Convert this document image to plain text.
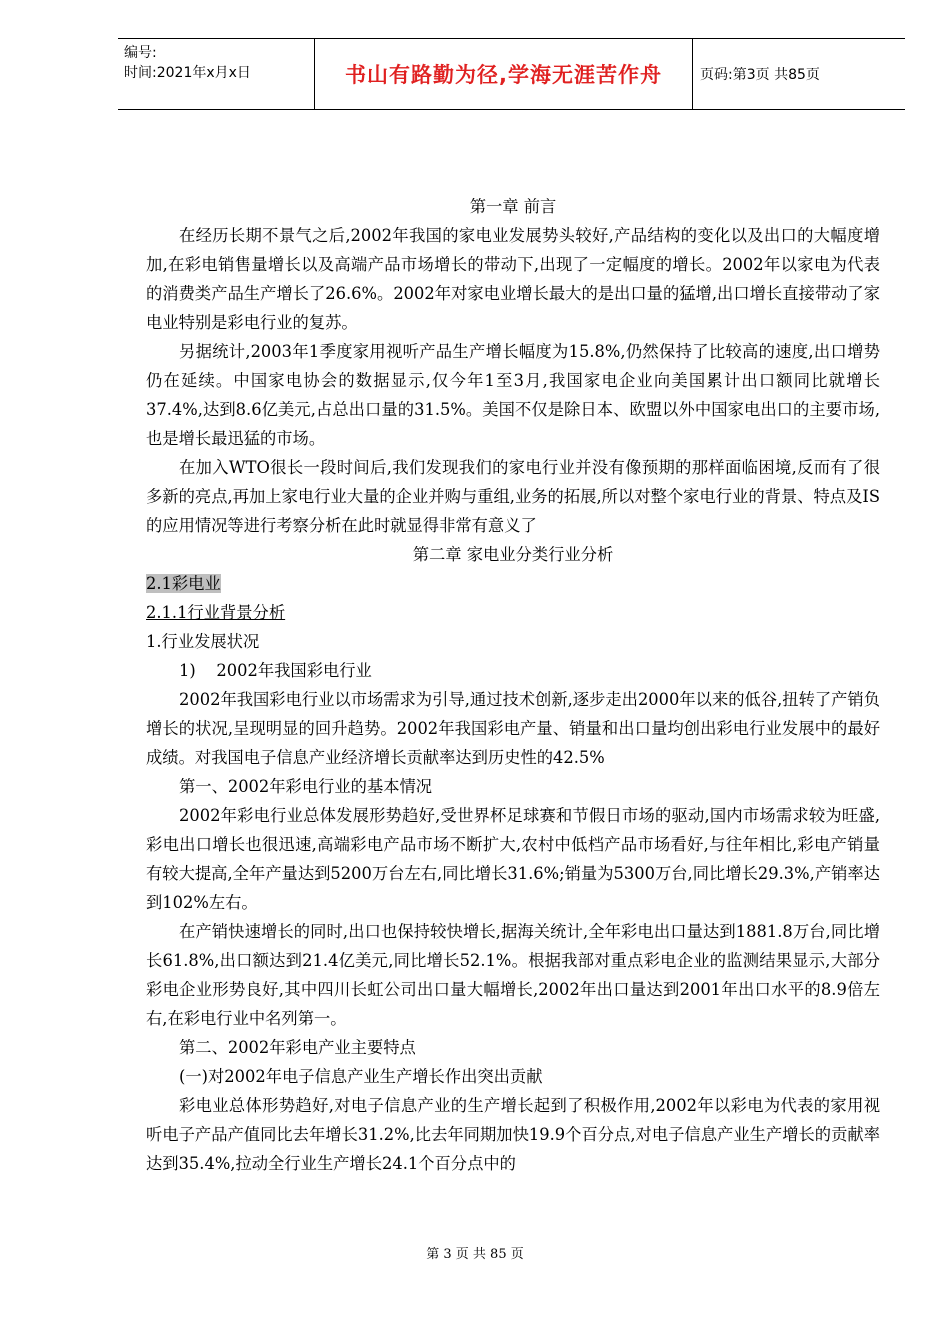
编号:
时间:2021年x月x日	书山有路勤为径,学海无涯苦作舟	页码:第3页 共85页

第一章 前言

在经历长期不景气之后,2002年我国的家电业发展势头较好,产品结构的变化以及出口的大幅度增加,在彩电销售量增长以及高端产品市场增长的带动下,出现了一定幅度的增长。2002年以家电为代表的消费类产品生产增长了26.6%。2002年对家电业增长最大的是出口量的猛增,出口增长直接带动了家电业特别是彩电行业的复苏。

另据统计,2003年1季度家用视听产品生产增长幅度为15.8%,仍然保持了比较高的速度,出口增势仍在延续。中国家电协会的数据显示,仅今年1至3月,我国家电企业向美国累计出口额同比就增长37.4%,达到8.6亿美元,占总出口量的31.5%。美国不仅是除日本、欧盟以外中国家电出口的主要市场,也是增长最迅猛的市场。

在加入WTO很长一段时间后,我们发现我们的家电行业并没有像预期的那样面临困境,反而有了很多新的亮点,再加上家电行业大量的企业并购与重组,业务的拓展,所以对整个家电行业的背景、特点及IS的应用情况等进行考察分析在此时就显得非常有意义了

第二章 家电业分类行业分析

2.1彩电业

2.1.1行业背景分析

1.行业发展状况

1)    2002年我国彩电行业

2002年我国彩电行业以市场需求为引导,通过技术创新,逐步走出2000年以来的低谷,扭转了产销负增长的状况,呈现明显的回升趋势。2002年我国彩电产量、销量和出口量均创出彩电行业发展中的最好成绩。对我国电子信息产业经济增长贡献率达到历史性的42.5%

第一、2002年彩电行业的基本情况

2002年彩电行业总体发展形势趋好,受世界杯足球赛和节假日市场的驱动,国内市场需求较为旺盛,彩电出口增长也很迅速,高端彩电产品市场不断扩大,农村中低档产品市场看好,与往年相比,彩电产销量有较大提高,全年产量达到5200万台左右,同比增长31.6%;销量为5300万台,同比增长29.3%,产销率达到102%左右。

在产销快速增长的同时,出口也保持较快增长,据海关统计,全年彩电出口量达到1881.8万台,同比增长61.8%,出口额达到21.4亿美元,同比增长52.1%。根据我部对重点彩电企业的监测结果显示,大部分彩电企业形势良好,其中四川长虹公司出口量大幅增长,2002年出口量达到2001年出口水平的8.9倍左右,在彩电行业中名列第一。

第二、2002年彩电产业主要特点

(一)对2002年电子信息产业生产增长作出突出贡献

彩电业总体形势趋好,对电子信息产业的生产增长起到了积极作用,2002年以彩电为代表的家用视听电子产品产值同比去年增长31.2%,比去年同期加快19.9个百分点,对电子信息产业生产增长的贡献率达到35.4%,拉动全行业生产增长24.1个百分点中的

第 3 页 共 85 页
